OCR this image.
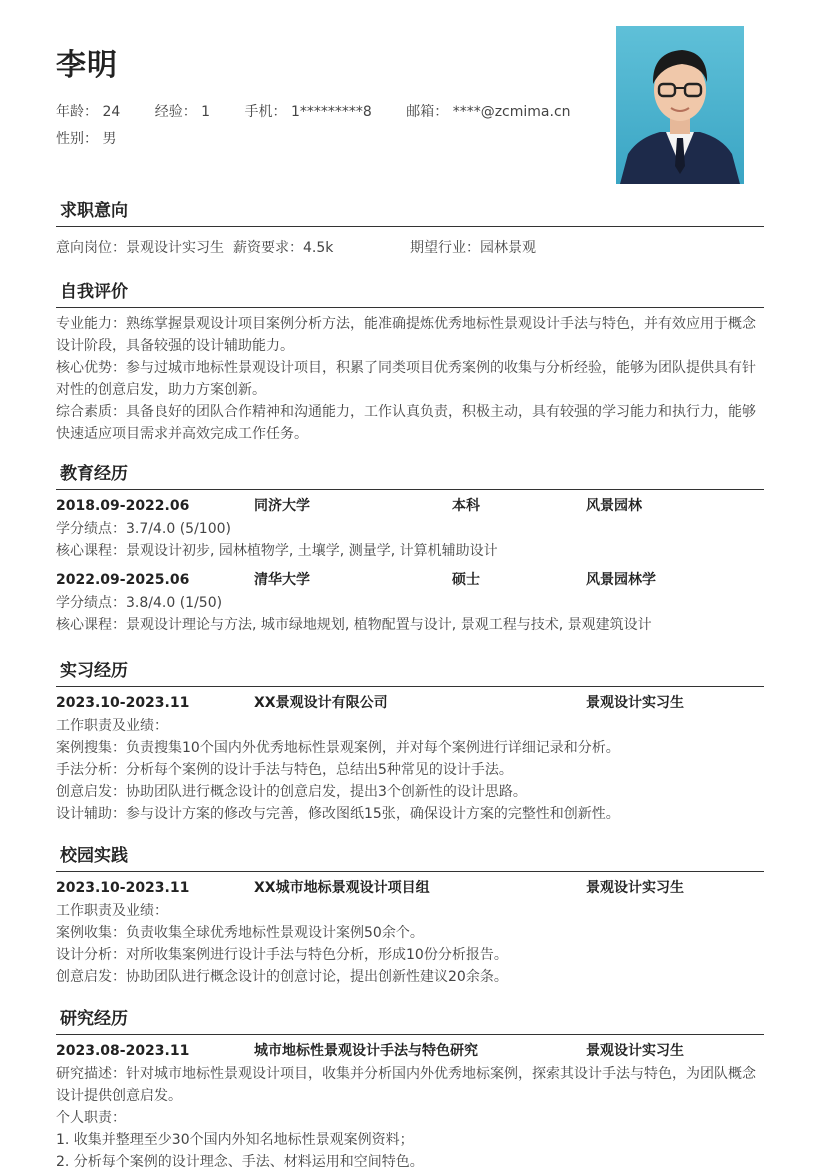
李明
年龄： 24 经验： 1 手机： 1*********8 邮箱： ****@zcmima.cn
性别： 男
求职意向
意向岗位：景观设计实习生 薪资要求：4.5k	期望行业：园林景观
自我评价
专业能力：熟练掌握景观设计项目案例分析方法，能准确提炼优秀地标性景观设计手法与特色，并有效应用于概念设计阶段，具备较强的设计辅助能力。
核心优势：参与过城市地标性景观设计项目，积累了同类项目优秀案例的收集与分析经验，能够为团队提供具有针对性的创意启发，助力方案创新。
综合素质：具备良好的团队合作精神和沟通能力，工作认真负责，积极主动，具有较强的学习能力和执行力，能够快速适应项目需求并高效完成工作任务。
教育经历
2018.09-2022.06	同济大学	本科	风景园林
学分绩点：3.7/4.0 (5/100)
核心课程：景观设计初步, 园林植物学, 土壤学, 测量学, 计算机辅助设计
2022.09-2025.06	清华大学	硕士	风景园林学
学分绩点：3.8/4.0 (1/50)
核心课程：景观设计理论与方法, 城市绿地规划, 植物配置与设计, 景观工程与技术, 景观建筑设计
实习经历
2023.10-2023.11	XX景观设计有限公司	景观设计实习生
工作职责及业绩：
案例搜集：负责搜集10个国内外优秀地标性景观案例，并对每个案例进行详细记录和分析。
手法分析：分析每个案例的设计手法与特色，总结出5种常见的设计手法。
创意启发：协助团队进行概念设计的创意启发，提出3个创新性的设计思路。
设计辅助：参与设计方案的修改与完善，修改图纸15张，确保设计方案的完整性和创新性。
校园实践
2023.10-2023.11	XX城市地标景观设计项目组	景观设计实习生
工作职责及业绩：
案例收集：负责收集全球优秀地标性景观设计案例50余个。
设计分析：对所收集案例进行设计手法与特色分析，形成10份分析报告。
创意启发：协助团队进行概念设计的创意讨论，提出创新性建议20余条。
研究经历
2023.08-2023.11	城市地标性景观设计手法与特色研究	景观设计实习生
研究描述：针对城市地标性景观设计项目，收集并分析国内外优秀地标案例，探索其设计手法与特色，为团队概念设计提供创意启发。
个人职责：
1. 收集并整理至少30个国内外知名地标性景观案例资料；
2. 分析每个案例的设计理念、手法、材料运用和空间特色。
